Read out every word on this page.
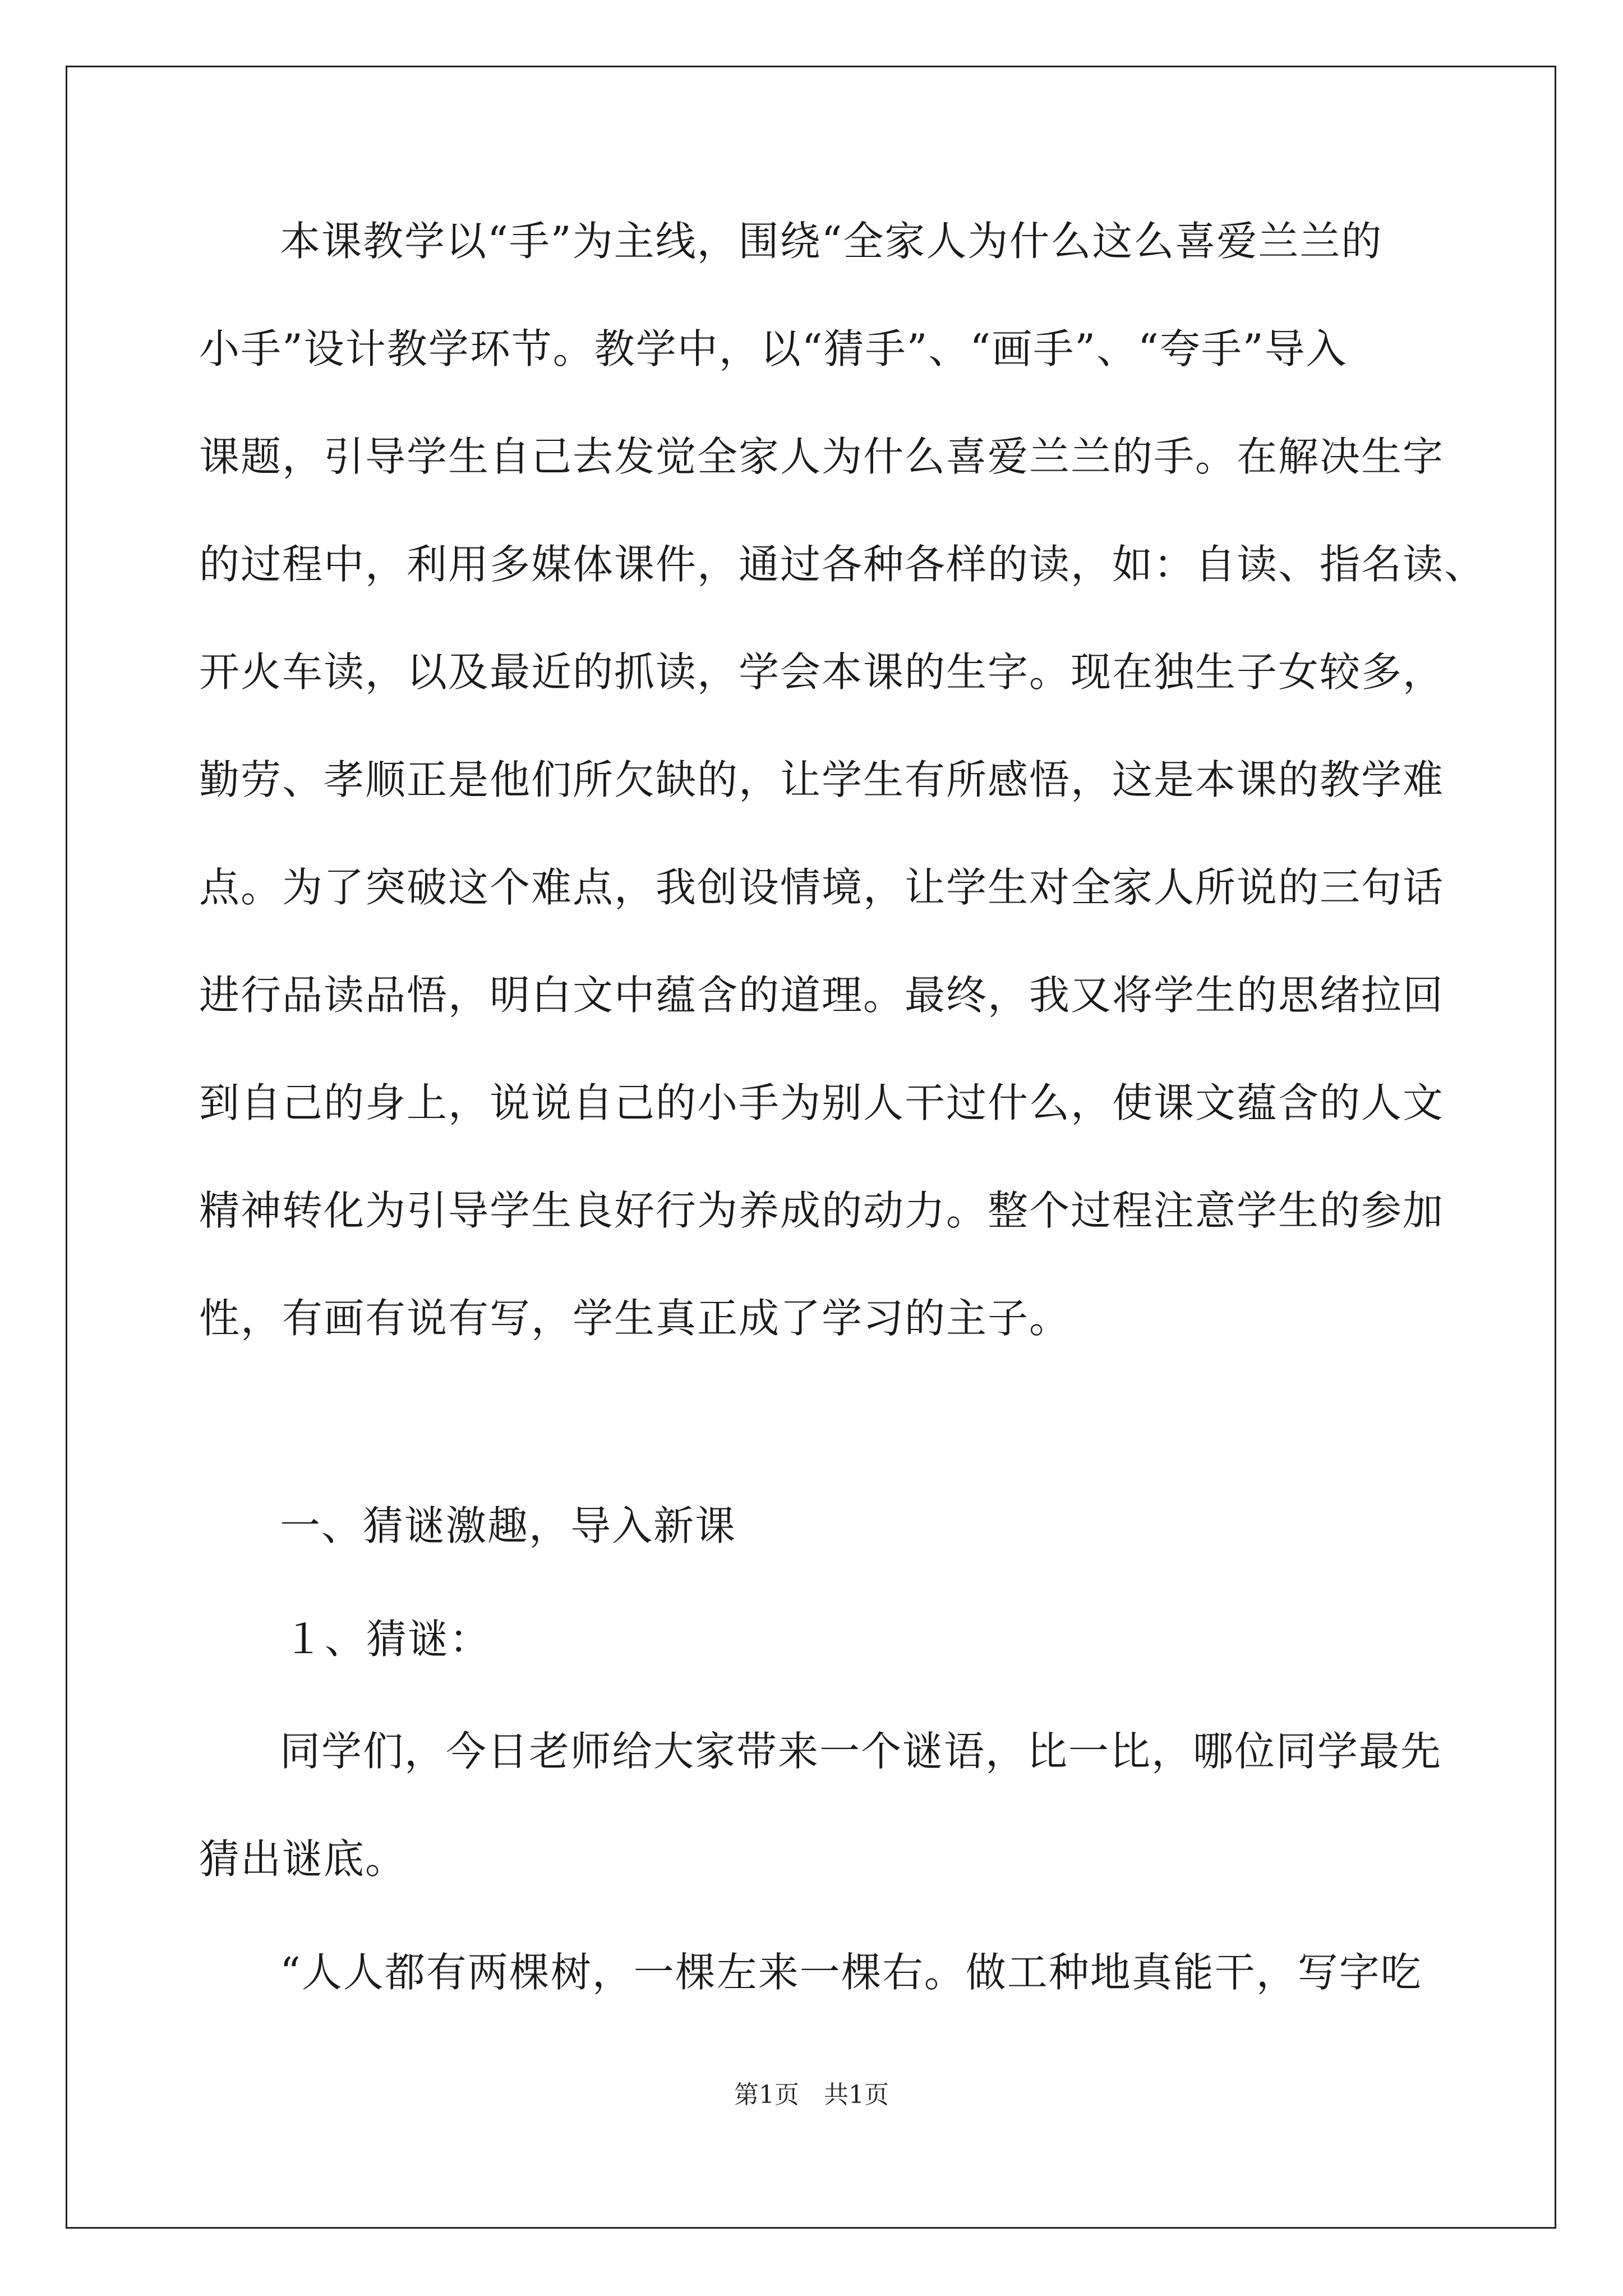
本课教学以“手”为主线，围绕“全家人为什么这么喜爱兰兰的
小手”设计教学环节。教学中，以“猜手”、“画手”、“夸手”导入
课题，引导学生自己去发觉全家人为什么喜爱兰兰的手。在解决生字
的过程中，利用多媒体课件，通过各种各样的读，如：自读、指名读、
开火车读，以及最近的抓读，学会本课的生字。现在独生子女较多，
勤劳、孝顺正是他们所欠缺的，让学生有所感悟，这是本课的教学难
点。为了突破这个难点，我创设情境，让学生对全家人所说的三句话
进行品读品悟，明白文中蕴含的道理。最终，我又将学生的思绪拉回
到自己的身上，说说自己的小手为别人干过什么，使课文蕴含的人文
精神转化为引导学生良好行为养成的动力。整个过程注意学生的参加
性，有画有说有写，学生真正成了学习的主子。
一、猜谜激趣，导入新课
１、猜谜：
同学们，今日老师给大家带来一个谜语，比一比，哪位同学最先
猜出谜底。
“人人都有两棵树，一棵左来一棵右。做工种地真能干，写字吃
第1页　共1页
